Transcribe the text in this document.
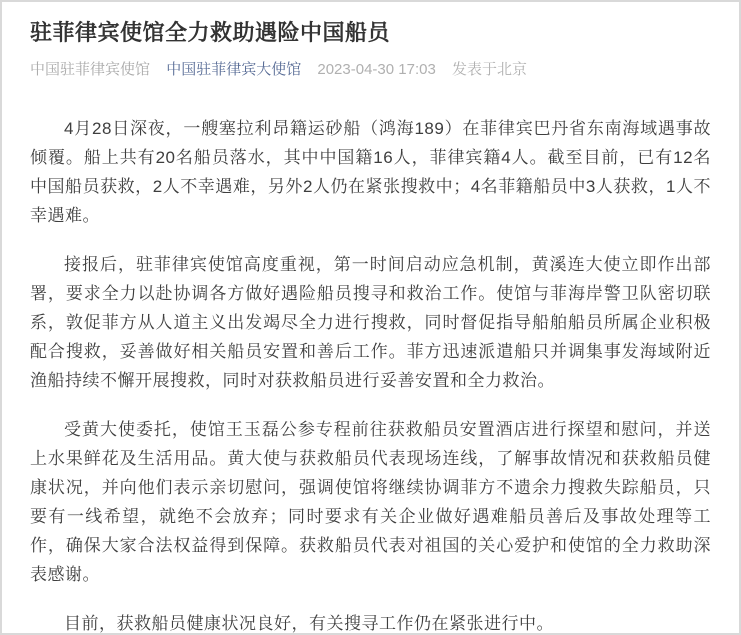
驻菲律宾使馆全力救助遇险中国船员
中国驻菲律宾使馆 中国驻菲律宾大使馆 2023-04-30 17:03 发表于北京

4月28日深夜，一艘塞拉利昂籍运砂船（鸿海189）在菲律宾巴丹省东南海域遇事故倾覆。船上共有20名船员落水，其中中国籍16人，菲律宾籍4人。截至目前，已有12名中国船员获救，2人不幸遇难，另外2人仍在紧张搜救中；4名菲籍船员中3人获救，1人不幸遇难。

接报后，驻菲律宾使馆高度重视，第一时间启动应急机制，黄溪连大使立即作出部署，要求全力以赴协调各方做好遇险船员搜寻和救治工作。使馆与菲海岸警卫队密切联系，敦促菲方从人道主义出发竭尽全力进行搜救，同时督促指导船舶船员所属企业积极配合搜救，妥善做好相关船员安置和善后工作。菲方迅速派遣船只并调集事发海域附近渔船持续不懈开展搜救，同时对获救船员进行妥善安置和全力救治。

受黄大使委托，使馆王玉磊公参专程前往获救船员安置酒店进行探望和慰问，并送上水果鲜花及生活用品。黄大使与获救船员代表现场连线，了解事故情况和获救船员健康状况，并向他们表示亲切慰问，强调使馆将继续协调菲方不遗余力搜救失踪船员，只要有一线希望，就绝不会放弃；同时要求有关企业做好遇难船员善后及事故处理等工作，确保大家合法权益得到保障。获救船员代表对祖国的关心爱护和使馆的全力救助深表感谢。

目前，获救船员健康状况良好，有关搜寻工作仍在紧张进行中。
